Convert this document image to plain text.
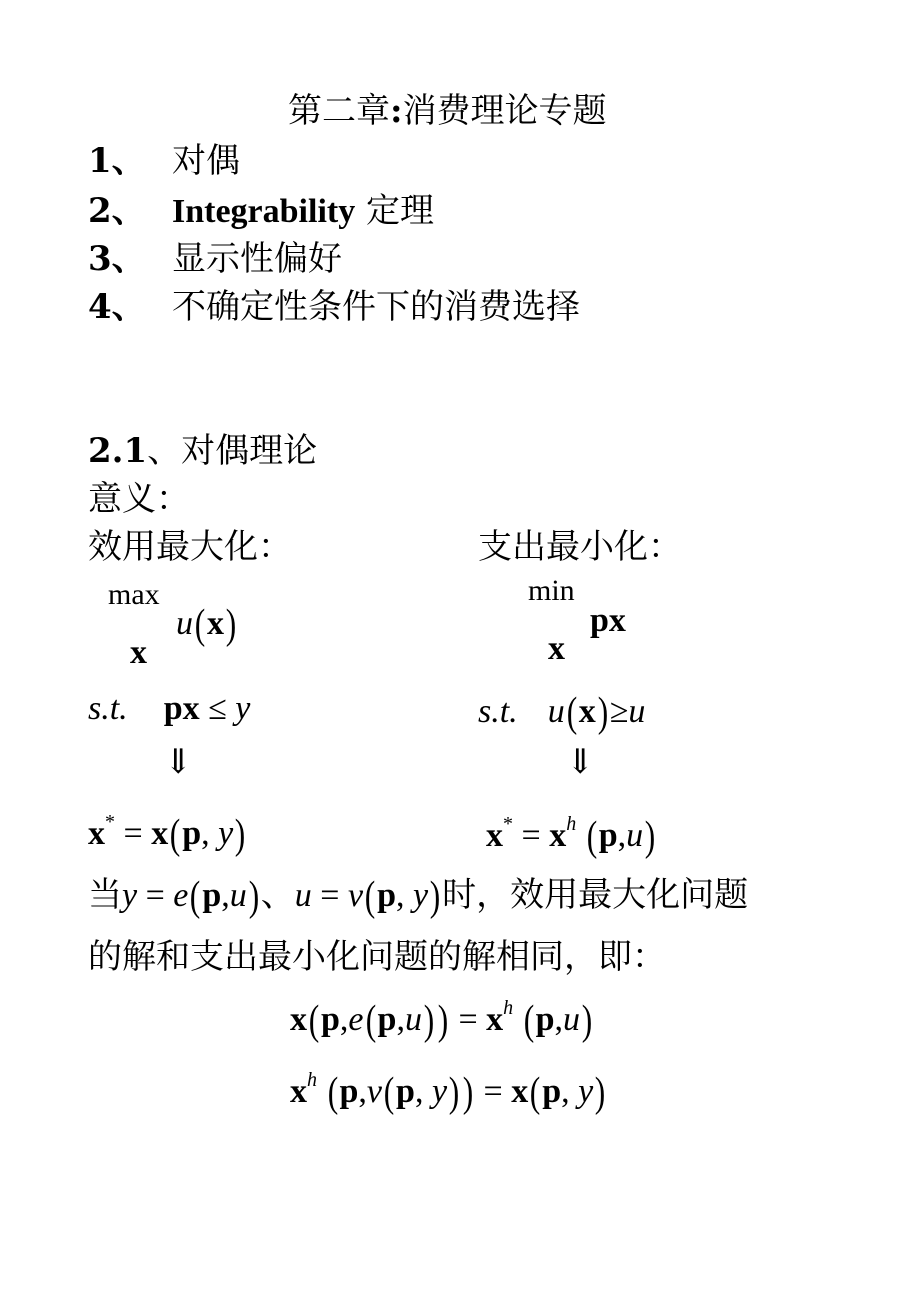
第二章:消费理论专题
1、 对偶
2、 Integrability 定理
3、 显示性偏好
4、 不确定性条件下的消费选择
2.1、对偶理论
意义：
效用最大化：	支出最小化：
max
x
u(x)
s.t. px ≤ y
⇓
x* = x(p, y)
min
x
px
s.t. u(x)≥u
⇓
$x^* = x^h$ (p,u)
当y = e(p,u)、u = v(p, y)时，效用最大化问题
的解和支出最小化问题的解相同，即：
$x(p,e(p,u)) = x^h$ (p,u)
$x^h$ (p,v(p, y)) = x(p, y)
